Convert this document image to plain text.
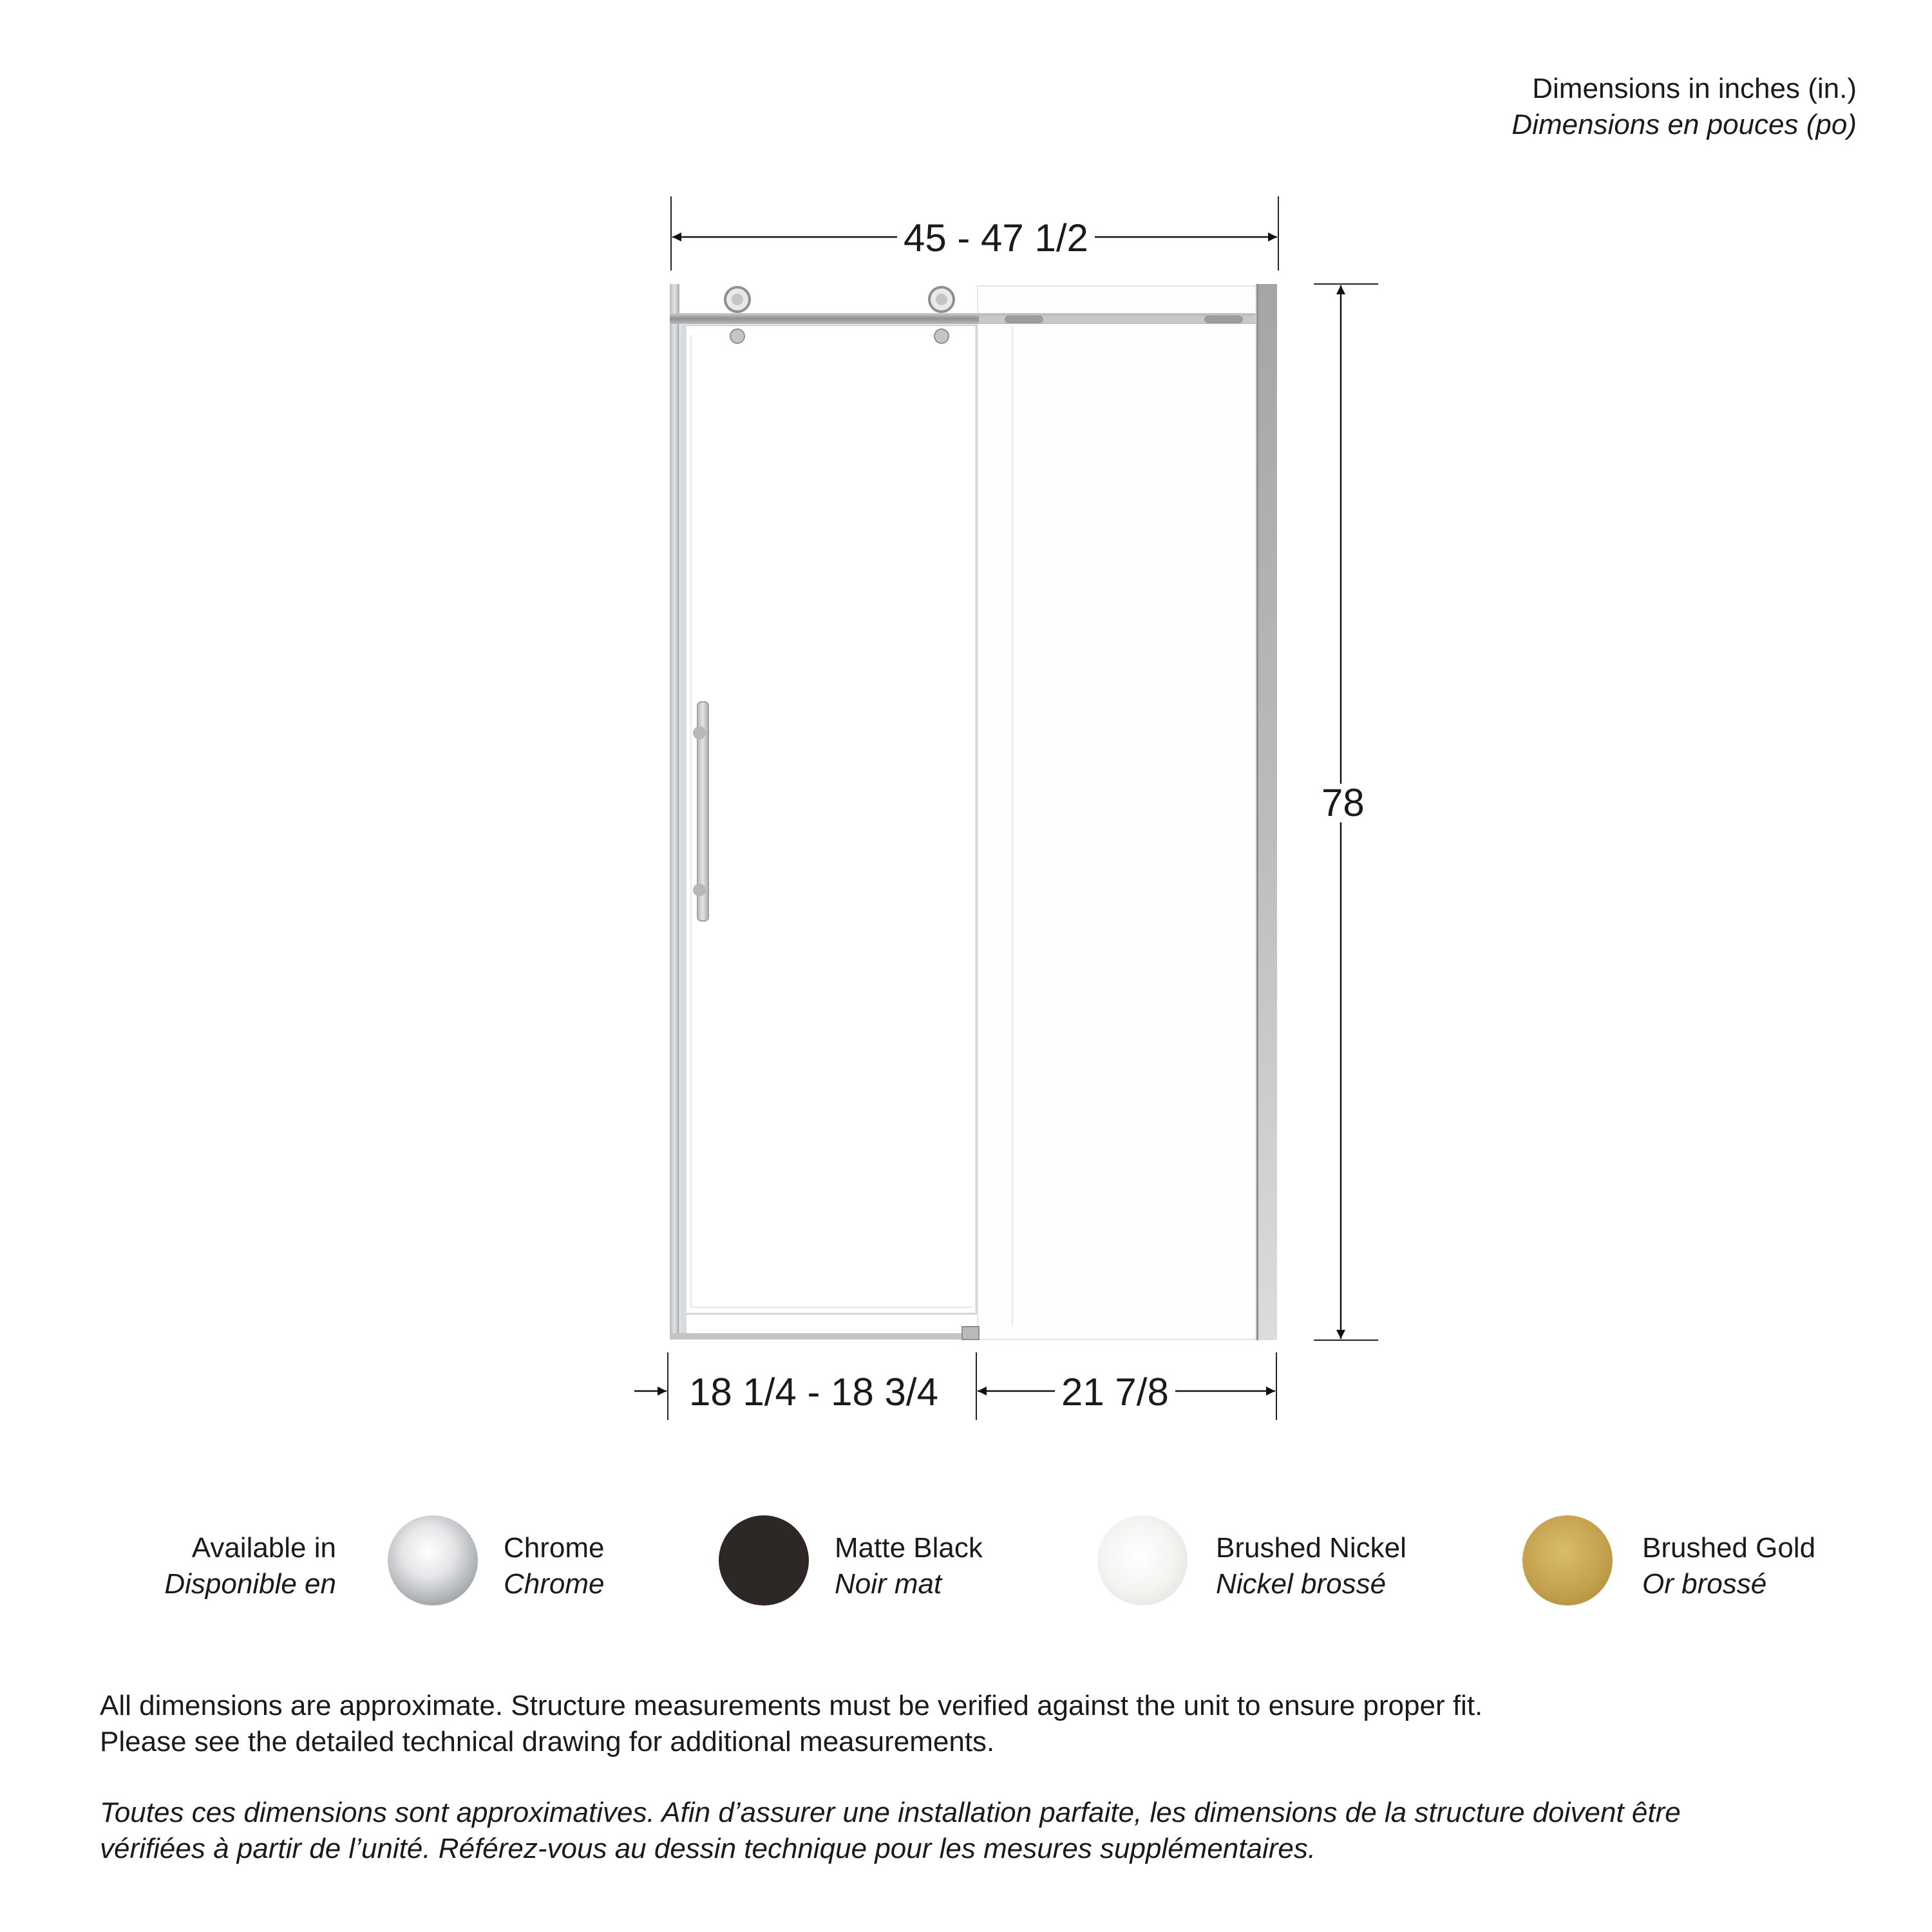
Dimensions in inches (in.)
Dimensions en pouces (po)
45 - 47 1/2
78
18 1/4 - 18 3/4	21 7/8
Available in
Disponible en
Chrome
Chrome
Matte Black
Noir mat
Brushed Nickel
Nickel brossé
Brushed Gold
Or brossé
All dimensions are approximate. Structure measurements must be verified against the unit to ensure proper fit.
Please see the detailed technical drawing for additional measurements.
Toutes ces dimensions sont approximatives. Afin d’assurer une installation parfaite, les dimensions de la structure doivent être
vérifiées à partir de l’unité. Référez-vous au dessin technique pour les mesures supplémentaires.
